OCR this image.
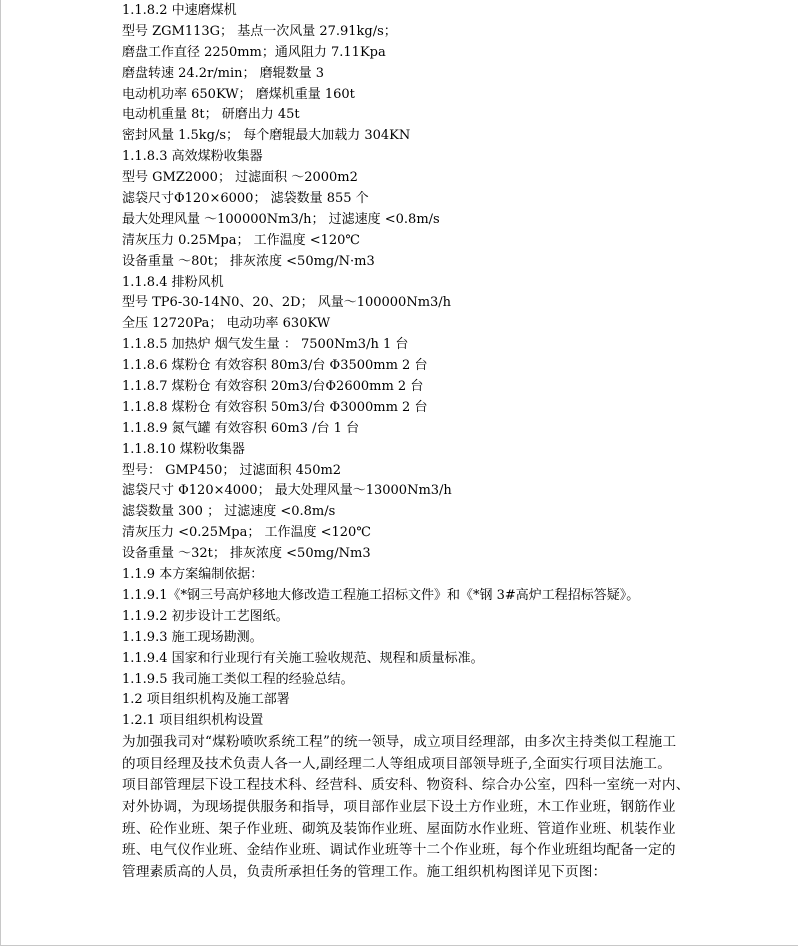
1.1.8.2 中速磨煤机
型号 ZGM113G； 基点一次风量 27.91kg/s；
磨盘工作直径 2250mm；通风阻力 7.11Kpa
磨盘转速 24.2r/min； 磨辊数量 3
电动机功率 650KW； 磨煤机重量 160t
电动机重量 8t； 研磨出力 45t
密封风量 1.5kg/s； 每个磨辊最大加载力 304KN
1.1.8.3 高效煤粉收集器
型号 GMZ2000； 过滤面积 ～2000m2
滤袋尺寸Φ120×6000； 滤袋数量 855 个
最大处理风量 ～100000Nm3/h； 过滤速度 <0.8m/s
清灰压力 0.25Mpa； 工作温度 <120℃
设备重量 ～80t； 排灰浓度 <50mg/N·m3
1.1.8.4 排粉风机
型号 TP6-30-14N0、20、2D； 风量～100000Nm3/h
全压 12720Pa； 电动功率 630KW
1.1.8.5 加热炉 烟气发生量 ： 7500Nm3/h 1 台
1.1.8.6 煤粉仓 有效容积 80m3/台 Φ3500mm 2 台
1.1.8.7 煤粉仓 有效容积 20m3/台Φ2600mm 2 台
1.1.8.8 煤粉仓 有效容积 50m3/台 Φ3000mm 2 台
1.1.8.9 氮气罐 有效容积 60m3 /台 1 台
1.1.8.10 煤粉收集器
型号： GMP450； 过滤面积 450m2
滤袋尺寸 Φ120×4000； 最大处理风量～13000Nm3/h
滤袋数量 300 ； 过滤速度 <0.8m/s
清灰压力 <0.25Mpa； 工作温度 <120℃
设备重量 ～32t； 排灰浓度 <50mg/Nm3
1.1.9 本方案编制依据：
1.1.9.1《*钢三号高炉移地大修改造工程施工招标文件》和《*钢 3#高炉工程招标答疑》。
1.1.9.2 初步设计工艺图纸。
1.1.9.3 施工现场勘测。
1.1.9.4 国家和行业现行有关施工验收规范、规程和质量标准。
1.1.9.5 我司施工类似工程的经验总结。
1.2 项目组织机构及施工部署
1.2.1 项目组织机构设置
为加强我司对“煤粉喷吹系统工程”的统一领导，成立项目经理部，由多次主持类似工程施工
的项目经理及技术负责人各一人,副经理二人等组成项目部领导班子,全面实行项目法施工。
项目部管理层下设工程技术科、经营科、质安科、物资科、综合办公室，四科一室统一对内、
对外协调，为现场提供服务和指导，项目部作业层下设土方作业班，木工作业班，钢筋作业
班、砼作业班、架子作业班、砌筑及装饰作业班、屋面防水作业班、管道作业班、机装作业
班、电气仪作业班、金结作业班、调试作业班等十二个作业班，每个作业班组均配备一定的
管理素质高的人员，负责所承担任务的管理工作。施工组织机构图详见下页图：
